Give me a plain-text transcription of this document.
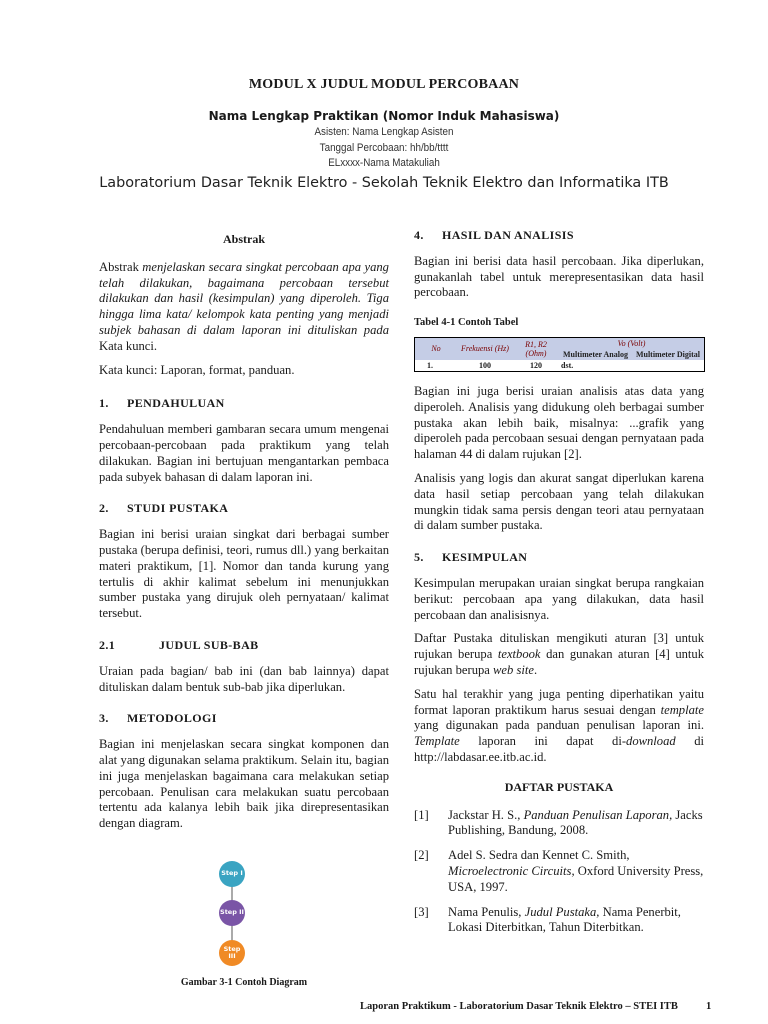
MODUL X JUDUL MODUL PERCOBAAN
Nama Lengkap Praktikan (Nomor Induk Mahasiswa)
Asisten: Nama Lengkap Asisten
Tanggal Percobaan: hh/bb/tttt
ELxxxx-Nama Matakuliah
Laboratorium Dasar Teknik Elektro - Sekolah Teknik Elektro dan Informatika ITB
Abstrak

Abstrak menjelaskan secara singkat percobaan apa yang telah dilakukan, bagaimana percobaan tersebut dilakukan dan hasil (kesimpulan) yang diperoleh. Tiga hingga lima kata/ kelompok kata penting yang menjadi subjek bahasan di dalam laporan ini dituliskan pada Kata kunci.

Kata kunci: Laporan, format, panduan.

1.	PENDAHULUAN

Pendahuluan memberi gambaran secara umum mengenai percobaan-percobaan pada praktikum yang telah dilakukan. Bagian ini bertujuan mengantarkan pembaca pada subyek bahasan di dalam laporan ini.

2.	STUDI PUSTAKA

Bagian ini berisi uraian singkat dari berbagai sumber pustaka (berupa definisi, teori, rumus dll.) yang berkaitan materi praktikum, [1]. Nomor dan tanda kurung yang tertulis di akhir kalimat sebelum ini menunjukkan sumber pustaka yang dirujuk oleh pernyataan/ kalimat tersebut.

2.1	JUDUL SUB-BAB

Uraian pada bagian/ bab ini (dan bab lainnya) dapat dituliskan dalam bentuk sub-bab jika diperlukan.

3.	METODOLOGI

Bagian ini menjelaskan secara singkat komponen dan alat yang digunakan selama praktikum. Selain itu, bagian ini juga menjelaskan bagaimana cara melakukan setiap percobaan. Penulisan cara melakukan suatu percobaan tertentu ada kalanya lebih baik jika direpresentasikan dengan diagram.

Step I
Step II
Step III
Gambar 3-1 Contoh Diagram
4.	HASIL DAN ANALISIS

Bagian ini berisi data hasil percobaan. Jika diperlukan, gunakanlah tabel untuk merepresentasikan data hasil percobaan.

Tabel 4-1 Contoh Tabel
No	Frekuensi (Hz)	R1, R2 (Ohm)	Vo (Volt)	
			Multimeter Analog	Multimeter Digital
1.	100	120	dst.	

Bagian ini juga berisi uraian analisis atas data yang diperoleh. Analisis yang didukung oleh berbagai sumber pustaka akan lebih baik, misalnya: ...grafik yang diperoleh pada percobaan sesuai dengan pernyataan pada halaman 44 di dalam rujukan [2].

Analisis yang logis dan akurat sangat diperlukan karena data hasil setiap percobaan yang telah dilakukan mungkin tidak sama persis dengan teori atau pernyataan di dalam sumber pustaka.

5.	KESIMPULAN

Kesimpulan merupakan uraian singkat berupa rangkaian berikut: percobaan apa yang dilakukan, data hasil percobaan dan analisisnya.

Daftar Pustaka dituliskan mengikuti aturan [3] untuk rujukan berupa textbook dan gunakan aturan [4] untuk rujukan berupa web site.

Satu hal terakhir yang juga penting diperhatikan yaitu format laporan praktikum harus sesuai dengan template yang digunakan pada panduan penulisan laporan ini. Template laporan ini dapat di-download di http://labdasar.ee.itb.ac.id.

DAFTAR PUSTAKA
[1]	Jackstar H. S., Panduan Penulisan Laporan, Jacks Publishing, Bandung, 2008.
[2]	Adel S. Sedra dan Kennet C. Smith, Microelectronic Circuits, Oxford University Press, USA, 1997.
[3]	Nama Penulis, Judul Pustaka, Nama Penerbit, Lokasi Diterbitkan, Tahun Diterbitkan.
Laporan Praktikum - Laboratorium Dasar Teknik Elektro – STEI ITB	1
